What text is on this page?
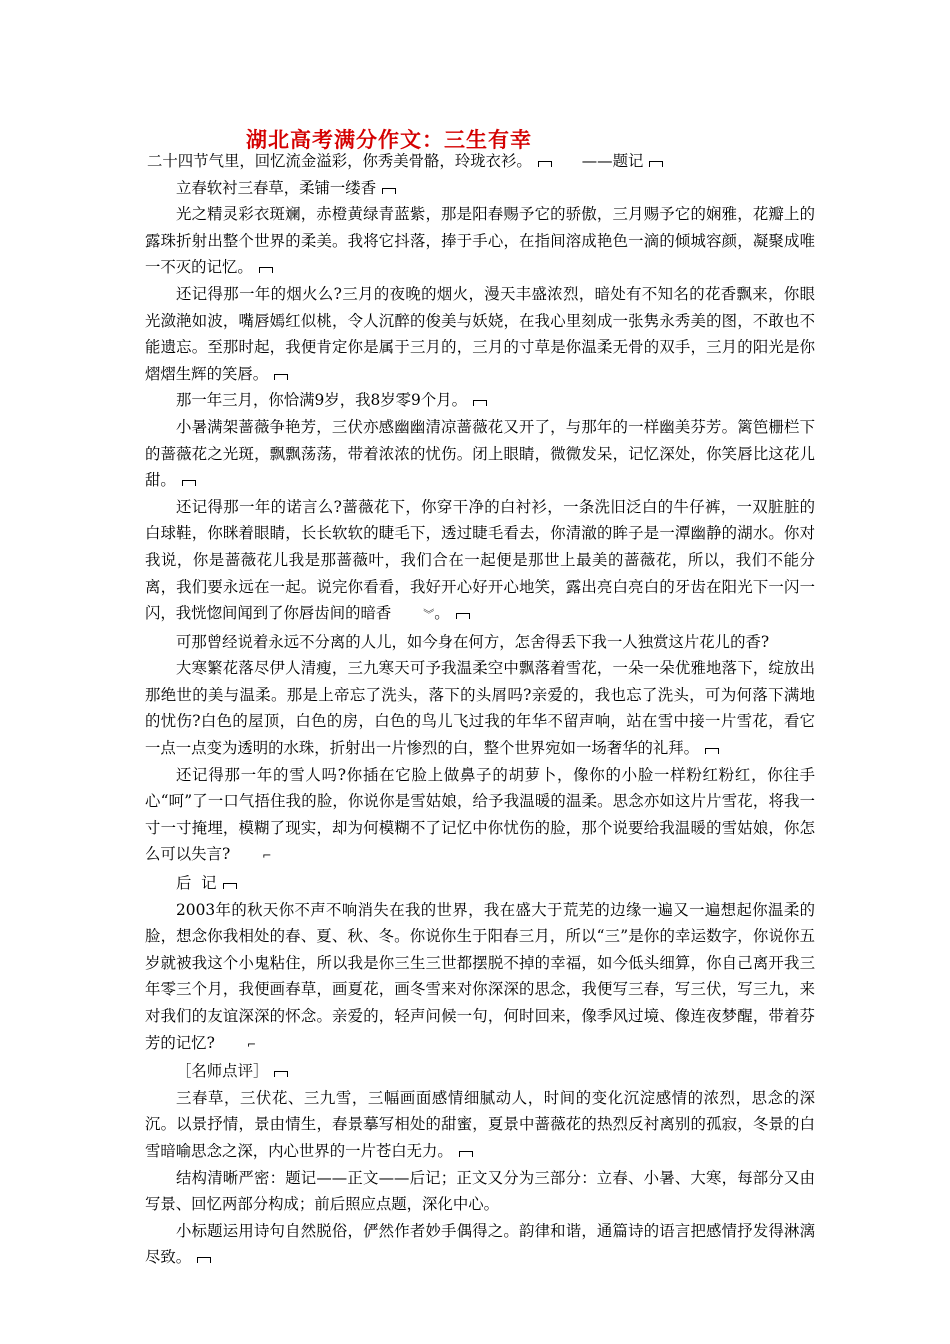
湖北高考满分作文：三生有幸

二十四节气里，回忆流金溢彩，你秀美骨骼，玲珑衣衫。	——题记

立春软衬三春草，柔铺一缕香

光之精灵彩衣斑斓，赤橙黄绿青蓝紫，那是阳春赐予它的骄傲，三月赐予它的娴雅，花瓣上的露珠折射出整个世界的柔美。我将它抖落，捧于手心，在指间溶成艳色一滴的倾城容颜，凝聚成唯一不灭的记忆。

还记得那一年的烟火么?三月的夜晚的烟火，漫天丰盛浓烈，暗处有不知名的花香飘来，你眼光潋滟如波，嘴唇嫣红似桃，令人沉醉的俊美与妖娆，在我心里刻成一张隽永秀美的图，不敢也不能遗忘。至那时起，我便肯定你是属于三月的，三月的寸草是你温柔无骨的双手，三月的阳光是你熠熠生辉的笑唇。

那一年三月，你恰满9岁，我8岁零9个月。

小暑满架蔷薇争艳芳，三伏亦感幽幽清凉蔷薇花又开了，与那年的一样幽美芬芳。篱笆栅栏下的蔷薇花之光斑，飘飘荡荡，带着浓浓的忧伤。闭上眼睛，微微发呆，记忆深处，你笑唇比这花儿甜。

还记得那一年的诺言么?蔷薇花下，你穿干净的白衬衫，一条洗旧泛白的牛仔裤，一双脏脏的白球鞋，你眯着眼睛，长长软软的睫毛下，透过睫毛看去，你清澈的眸子是一潭幽静的湖水。你对我说，你是蔷薇花儿我是那蔷薇叶，我们合在一起便是那世上最美的蔷薇花，所以，我们不能分离，我们要永远在一起。说完你看看，我好开心好开心地笑，露出亮白亮白的牙齿在阳光下一闪一闪，我恍惚间闻到了你唇齿间的暗香	︾。

可那曾经说着永远不分离的人儿，如今身在何方，怎舍得丢下我一人独赏这片花儿的香?

大寒繁花落尽伊人清瘦，三九寒天可予我温柔空中飘落着雪花，一朵一朵优雅地落下，绽放出那绝世的美与温柔。那是上帝忘了洗头，落下的头屑吗?亲爱的，我也忘了洗头，可为何落下满地的忧伤?白色的屋顶，白色的房，白色的鸟儿飞过我的年华不留声响，站在雪中接一片雪花，看它一点一点变为透明的水珠，折射出一片惨烈的白，整个世界宛如一场奢华的礼拜。

还记得那一年的雪人吗?你插在它脸上做鼻子的胡萝卜，像你的小脸一样粉红粉红，你往手心“呵”了一口气捂住我的脸，你说你是雪姑娘，给予我温暖的温柔。思念亦如这片片雪花，将我一寸一寸掩埋，模糊了现实，却为何模糊不了记忆中你忧伤的脸，那个说要给我温暖的雪姑娘，你怎么可以失言?	⌐

后  记

2003年的秋天你不声不响消失在我的世界，我在盛大于荒芜的边缘一遍又一遍想起你温柔的脸，想念你我相处的春、夏、秋、冬。你说你生于阳春三月，所以“三”是你的幸运数字，你说你五岁就被我这个小鬼粘住，所以我是你三生三世都摆脱不掉的幸福，如今低头细算，你自己离开我三年零三个月，我便画春草，画夏花，画冬雪来对你深深的思念，我便写三春，写三伏，写三九，来对我们的友谊深深的怀念。亲爱的，轻声问候一句，何时回来，像季风过境、像连夜梦醒，带着芬芳的记忆?	⌐

［名师点评］

三春草，三伏花、三九雪，三幅画面感情细腻动人，时间的变化沉淀感情的浓烈，思念的深沉。以景抒情，景由情生，春景摹写相处的甜蜜，夏景中蔷薇花的热烈反衬离别的孤寂，冬景的白雪暗喻思念之深，内心世界的一片苍白无力。

结构清晰严密：题记——正文——后记；正文又分为三部分：立春、小暑、大寒，每部分又由写景、回忆两部分构成；前后照应点题，深化中心。

小标题运用诗句自然脱俗，俨然作者妙手偶得之。韵律和谐，通篇诗的语言把感情抒发得淋漓尽致。
